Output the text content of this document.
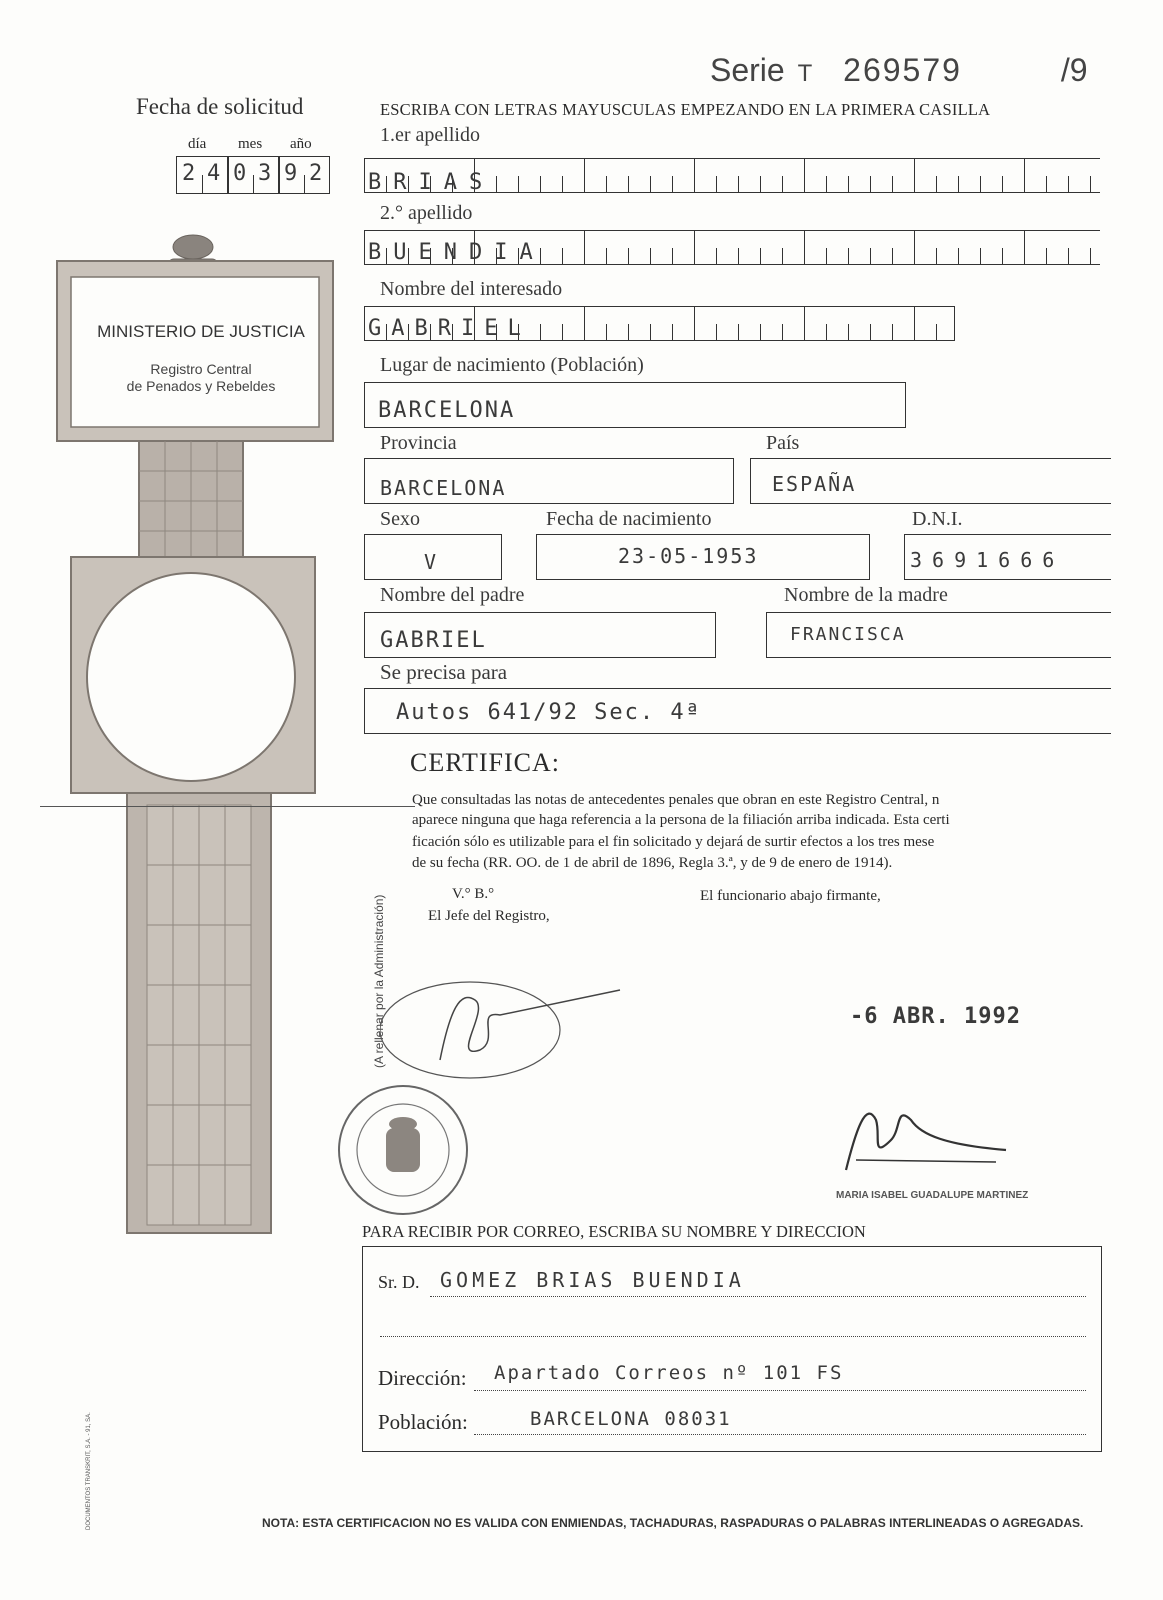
Serie T 269579	/9
Fecha de solicitud
día mes año
2 4 0 3 9 2
MINISTERIO DE JUSTICIA
Registro Central
de Penados y Rebeldes
ESCRIBA CON LETRAS MAYUSCULAS EMPEZANDO EN LA PRIMERA CASILLA
1.er apellido
BRIAS
2.° apellido
BUENDIA
Nombre del interesado
GABRIEL
Lugar de nacimiento (Población)
BARCELONA
Provincia	País
BARCELONA	ESPAÑA
Sexo	Fecha de nacimiento	D.N.I.
V	23-05-1953	3691666
Nombre del padre	Nombre de la madre
GABRIEL	FRANCISCA
Se precisa para
Autos 641/92 Sec. 4ª
CERTIFICA:
Que consultadas las notas de antecedentes penales que obran en este Registro Central, n
aparece ninguna que haga referencia a la persona de la filiación arriba indicada. Esta certi
ficación sólo es utilizable para el fin solicitado y dejará de surtir efectos a los tres mese
de su fecha (RR. OO. de 1 de abril de 1896, Regla 3.ª, y de 9 de enero de 1914).
V.° B.°
El Jefe del Registro,
El funcionario abajo firmante,
(A rellenar por la Administración)	-6 ABR. 1992
MARIA ISABEL GUADALUPE MARTINEZ
PARA RECIBIR POR CORREO, ESCRIBA SU NOMBRE Y DIRECCION
Sr. D. GOMEZ BRIAS BUENDIA
Dirección: Apartado Correos nº 101 FS
Población:	BARCELONA 08031
DOCUMENTOS TRANSKRIT, S.A. - 91, SA.	NOTA: ESTA CERTIFICACION NO ES VALIDA CON ENMIENDAS, TACHADURAS, RASPADURAS O PALABRAS INTERLINEADAS O AGREGADAS.
